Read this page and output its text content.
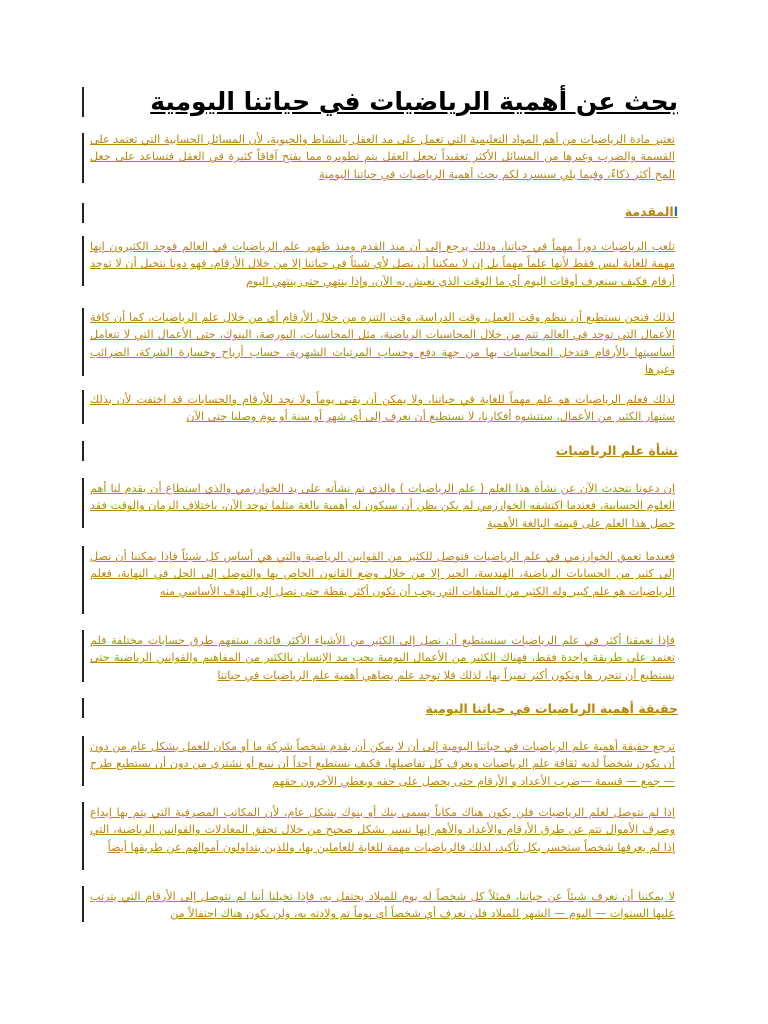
بحث عن أهمية الرياضيات في حياتنا اليومية

تعتبر مادة الرياضيات من أهم المواد التعليمية التي تعمل على مد العقل بالنشاط والحيوية، لأن المسائل الحسابية التي تعتمد على القسمة والضرب وغيرها من المسائل الأكثر تعقيداً تجعل العقل يتم تطويره مما يفتح آفاقاً كثيرة في العقل فتساعد على جعل المخ أكثر ذكاءً، وفيما يلي سنسرد لكم بحث أهمية الرياضيات في حياتنا اليومية

االمقدمة

تلعب الرياضيات دوراً مهماً في حياتنا، وذلك يرجع إلى أن منذ القدم ومنذ ظهور علم الرياضيات في العالم فوجد الكثيرون إنها مهمة للغاية ليس فقط لأنها علماً مهماً بل إن لا يمكننا أن نصل لأي شيئاً في حياتنا إلا من خلال الأرقام، فهو دونا نتخيل أن لا توجد أرقام فكيف سنعرف أوقات اليوم أي ما الوقت الذي نعيش به الآن، وإذا ينتهي حتى ينتهي اليوم

لذلك فنحن نستطيع أن ننظم وقت العمل، وقت الدراسة، وقت التنزه من خلال الأرقام أي من خلال علم الرياضيات، كما أن كافة الأعمال التي توجد في العالم تتم من خلال المحاسبات الرياضية، مثل المحاسبات، البورصة، البنوك، حتى الأعمال التي لا تتعامل أساسيتها بالأرقام فتدخل المحاسبات بها من جهة دفع وحساب المرتبات الشهرية، حساب أرباح وخسارة الشركة، الضرائب وغيرها

لذلك فعلم الرياضيات هو علم مهماً للغاية في حياتنا، ولا يمكن أن يقبى يوماً ولا نجد للأرقام والحسابات قد اختفت لأن بذلك ستنهار الكثير من الأعمال، ستتشوه أفكارنا، لا نستطيع أن نعرف إلى أي شهر أو سنة أو يوم وصلنا حتى الآن

نشأة علم الرياضيات

إن دعونا نتحدث الآن عن نشأة هذا العلم ( علم الرياضيات ) والذي تم نشأته على يد الخوارزمي والذي استطاع أن يقدم لنا أهم العلوم الحسابية، فعندما اكتشفه الخوارزمي لم يكن يظن أن سيكون له أهمية بالغة مثلما توجد الآن، باختلاف الزمان والوقت فقد حصل هذا العلم على قيمته البالغة الأهمية

فعندما تعمق الخوارزمي في علم الرياضيات فتوصل للكثير من القوانين الرياضية والتي هي أساس كل شيئاً فإذا يمكننا أن نصل إلى كثير من الحسابات الرياضية، الهندسة، الجبر إلا من خلال وضع القانون الخاص بها والتوصل إلى الحل في النهاية، فعلم الرياضيات هو علم كبير وله الكثير من المتاهات التي يجب أن تكون أكثر يقظة حتى تصل إلى الهدف الأساسي منه

فإذا تعمقنا أكثر في علم الرياضيات سنستطيع أن نصل إلى الكثير من الأشياء الأكثر فائدة، ستفهم طرق حسابات مختلفة فلم تعتمد على طريقة واحدة فقط، فهناك الكثير من الأعمال اليومية يجب مد الإنسان بالكثير من المفاهيم والقوانين الرياضية حتى يستطيع أن تتحرر ها ونكون أكثر تميزاً بها، لذلك فلا توجد علم يضاهي أهمية علم الرياضيات في حياتنا

حقيقة أهمية الرياضيات في حياتنا اليومية

ترجع حقيقة أهمية علم الرياضيات في حياتنا اليومية إلى أن لا يمكن أن يقدم شخصاً شركة ما أو مكان للعمل بشكل عام من دون أن يكون شخصاً لديه ثقافة علم الرياضيات ويعرف كل تفاصيلها، فكيف نستطيع أحداً أن نبيع أو نشتري من دون أن يستطيع طرح — جمع — قسمة —ضرب الأعداد و الأرقام حتى يحصل على حقه ويعطي الآخرون حقهم

إذا لم نتوصل لعلم الرياضيات فلن يكون هناك مكاناً يسمى بنك أو بنوك بشكل عام، لأن المكاتب المصرفية التي يتم بها إيداع وصرف الأموال تتم عن طرق الأرقام والأعداد والأهم إنها تسير بشكل صحيح من خلال تحقق المعادلات والقوانين الرياضية، التي إذا لم يعرفها شخصاً ستخسر بكل تأكيد، لذلك فالرياضيات مهمة للغاية للعاملين بها، وللذين يتداولون أموالهم عن طريقها أيضاً

لا يمكننا أن نعرف شيئاً عن حياتنا، فمثلاً كل شخصاً له يوم للميلاد يحتفل به، فإذا تخيلنا أننا لم نتوصل إلى الأرقام التي يترتب عليها السنوات — اليوم — الشهر للميلاد فلن نعرف أي شخصاً أي يوماً تم ولادته به، ولن يكون هناك احتفالاً من
